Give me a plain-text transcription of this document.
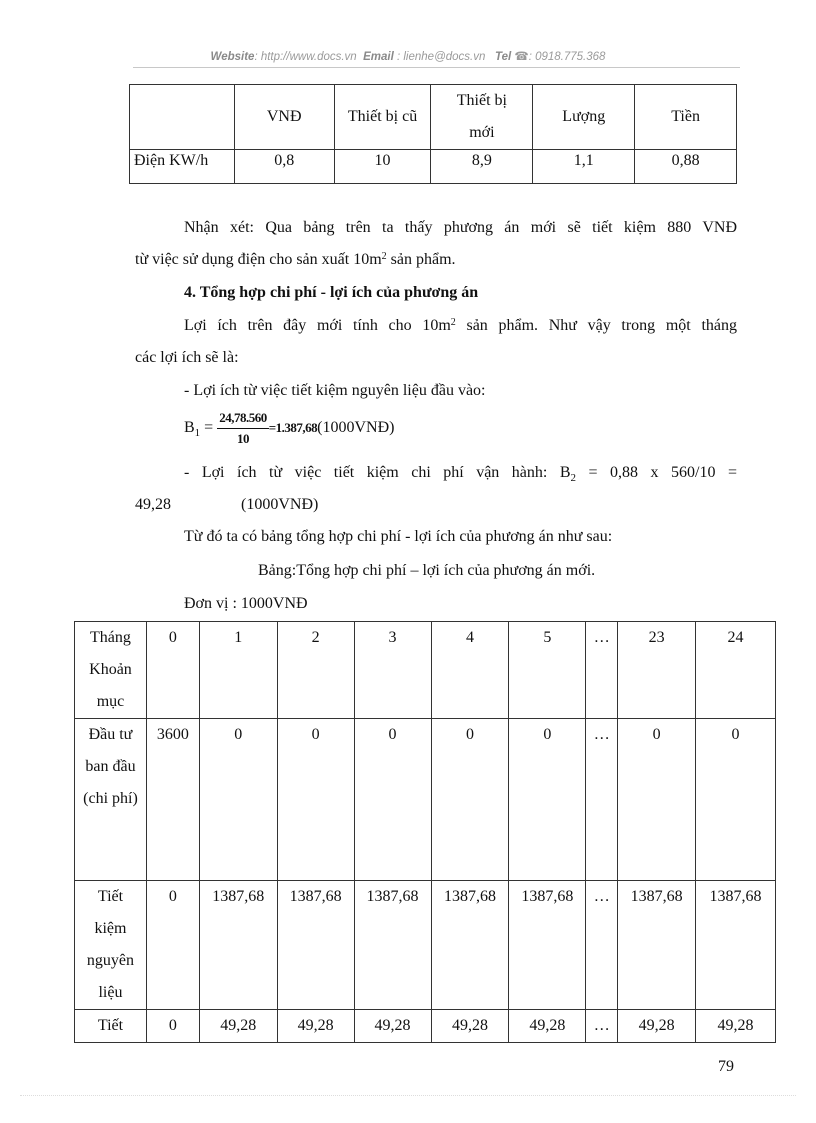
Website: http://www.docs.vn Email : lienhe@docs.vn Tel ☎: 0918.775.368
	VNĐ	Thiết bị cũ	Thiết bị mới	Lượng	Tiền
Điện KW/h	0,8	10	8,9	1,1	0,88
Nhận xét: Qua bảng trên ta thấy phương án mới sẽ tiết kiệm 880 VNĐ
từ việc sử dụng điện cho sản xuất $10m^2$ sản phẩm.
4. Tổng hợp chi phí - lợi ích của phương án
Lợi ích trên đây mới tính cho $10m^2$ sản phẩm. Như vậy trong một tháng
các lợi ích sẽ là:
- Lợi ích từ việc tiết kiệm nguyên liệu đầu vào:
$B_1 = \frac{24,78.560}{10}$ =1.387,68(1000VNĐ)
- Lợi ích từ việc tiết kiệm chi phí vận hành: $B_2 = 0,88$ x 560/10 =
49,28	(1000VNĐ)
Từ đó ta có bảng tổng hợp chi phí - lợi ích của phương án như sau:
Bảng:Tổng hợp chi phí – lợi ích của phương án mới.
Đơn vị : 1000VNĐ
Tháng Khoản mục	0	1	2	3	4	5	…	23	24
Đầu tư ban đầu (chi phí)	3600	0	0	0	0	0	…	0	0
Tiết kiệm nguyên liệu	0	1387,68	1387,68	1387,68	1387,68	1387,68	…	1387,68	1387,68
Tiết	0	49,28	49,28	49,28	49,28	49,28	…	49,28	49,28
79
